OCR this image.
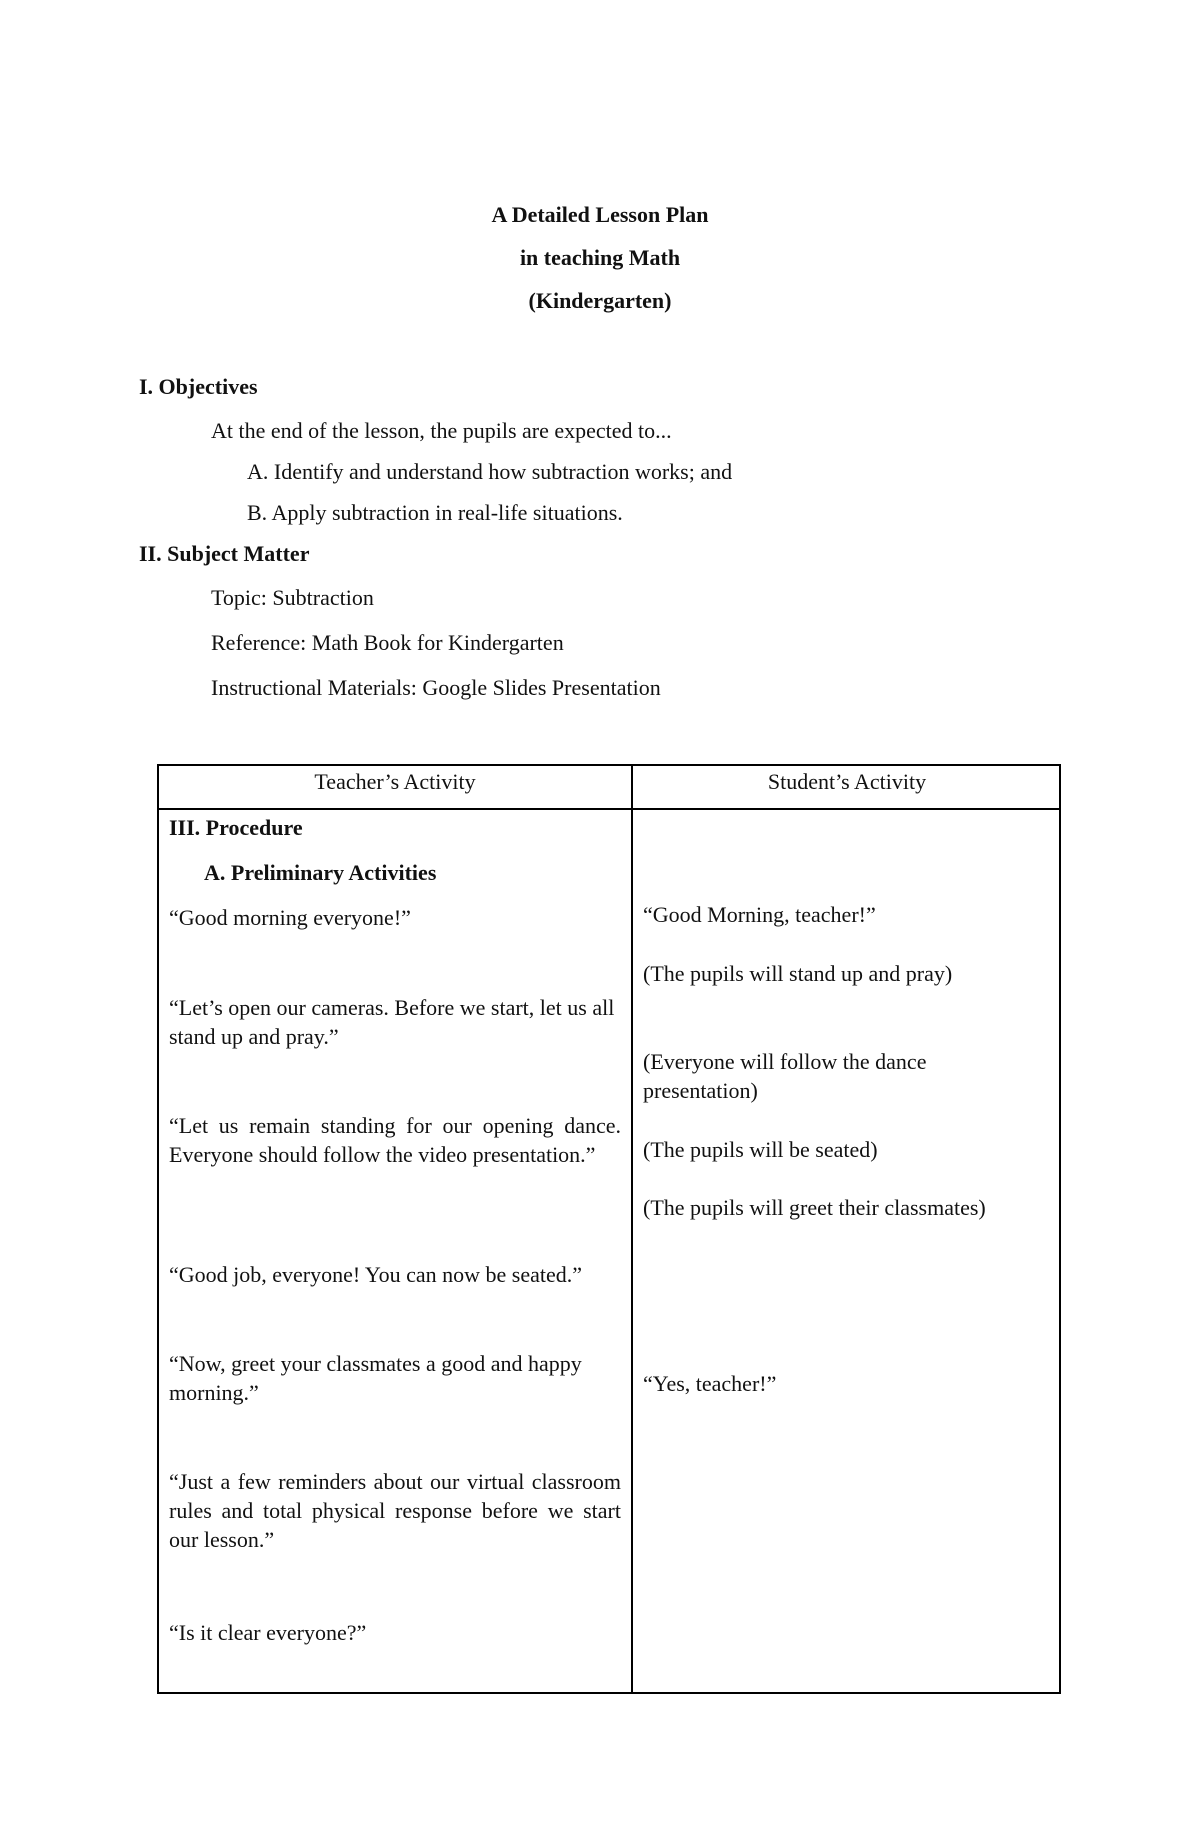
A Detailed Lesson Plan
in teaching Math
(Kindergarten)
I. Objectives
At the end of the lesson, the pupils are expected to...
A. Identify and understand how subtraction works; and
B. Apply subtraction in real-life situations.
II. Subject Matter
Topic: Subtraction
Reference: Math Book for Kindergarten
Instructional Materials: Google Slides Presentation
Teacher’s Activity	Student’s Activity
III. Procedure
A. Preliminary Activities
“Good morning everyone!”
“Let’s open our cameras. Before we start, let us all stand up and pray.”
“Let us remain standing for our opening dance. Everyone should follow the video presentation.”
“Good job, everyone! You can now be seated.”
“Now, greet your classmates a good and happy morning.”
“Just a few reminders about our virtual classroom rules and total physical response before we start our lesson.”
“Is it clear everyone?”
“Good Morning, teacher!”
(The pupils will stand up and pray)
(Everyone will follow the dance presentation)
(The pupils will be seated)
(The pupils will greet their classmates)
“Yes, teacher!”
